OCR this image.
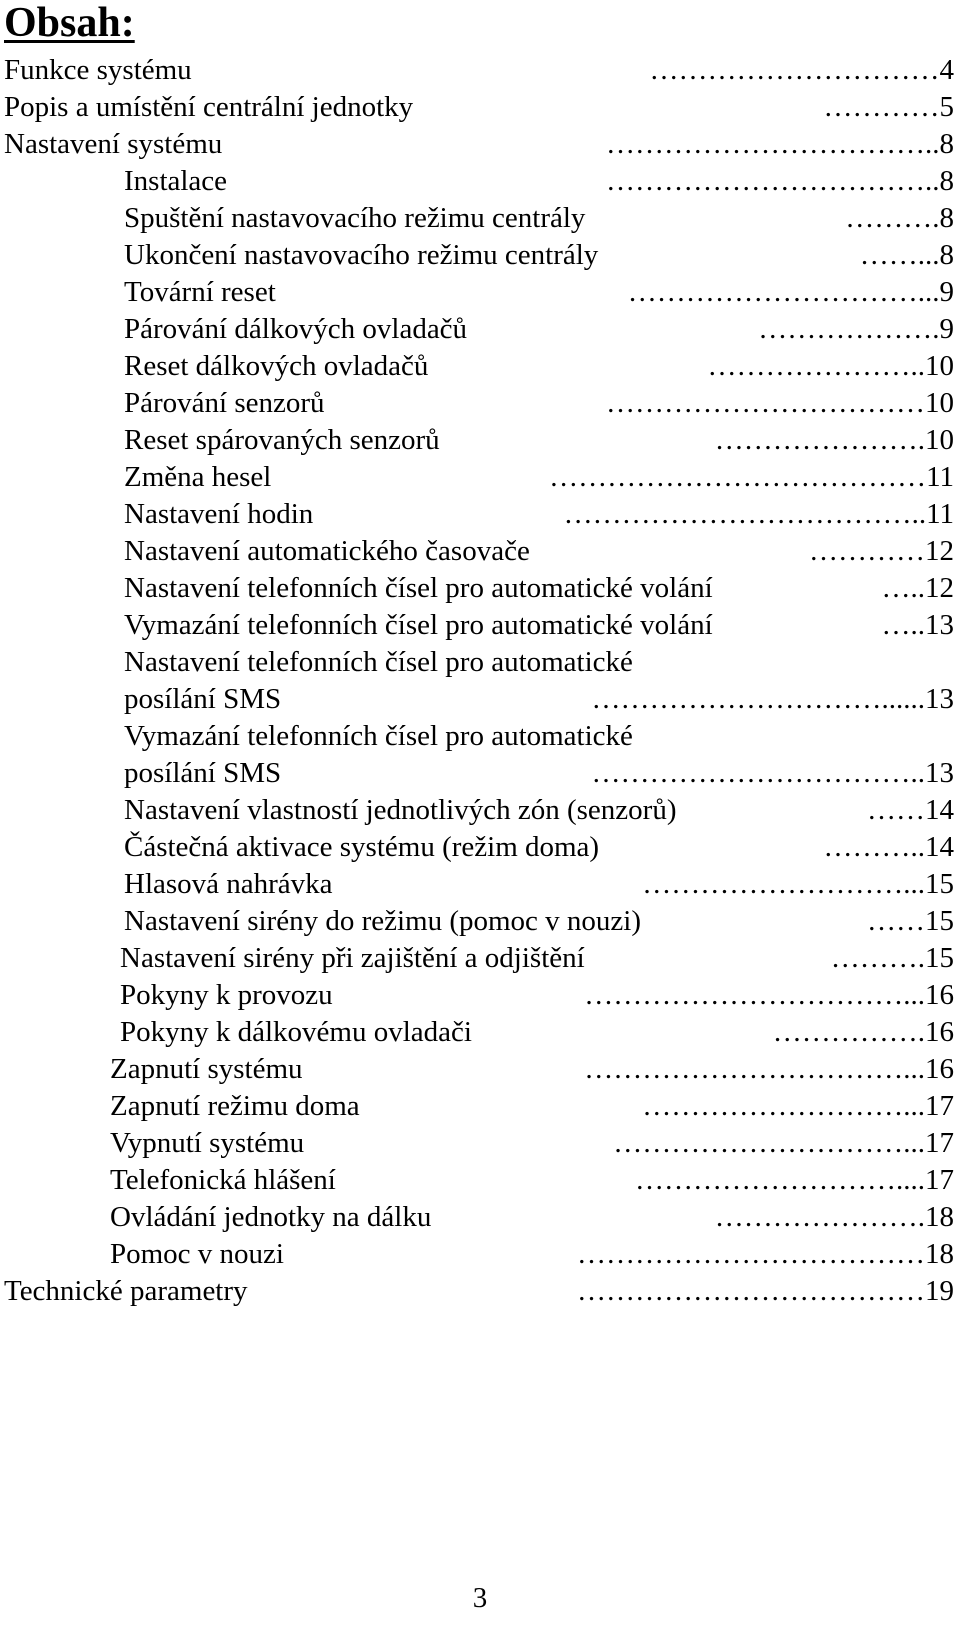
Obsah:
Funkce systému	…………………………4
Popis a umístění centrální jednotky	…………5
Nastavení systému	……………………………..8
Instalace	……………………………..8
Spuštění nastavovacího režimu centrály	……….8
Ukončení nastavovacího režimu centrály	……...8
Tovární reset	…………………………...9
Párování dálkových ovladačů	……………….9
Reset dálkových ovladačů	…………………..10
Párování senzorů	……………………………10
Reset spárovaných senzorů	………………….10
Změna hesel	…………………………………11
Nastavení hodin	………………………………..11
Nastavení automatického časovače	…………12
Nastavení telefonních čísel pro automatické volání	…..12
Vymazání telefonních čísel pro automatické volání	…..13
Nastavení telefonních čísel pro automatické
posílání SMS	…………………………......13
Vymazání telefonních čísel pro automatické
posílání SMS	……………………………..13
Nastavení vlastností jednotlivých zón (senzorů)	……14
Částečná aktivace systému (režim doma)	………..14
Hlasová nahrávka	………………………...15
Nastavení sirény do režimu (pomoc v nouzi)	……15
Nastavení sirény při zajištění a odjištění	……….15
Pokyny k provozu	……………………………...16
Pokyny k dálkovému ovladači	…………….16
Zapnutí systému	……………………………...16
Zapnutí režimu doma	………………………...17
Vypnutí systému	…………………………...17
Telefonická hlášení	………………………....17
Ovládání jednotky na dálku	………………….18
Pomoc v nouzi	………………………………18
Technické parametry	………………………………19
3
